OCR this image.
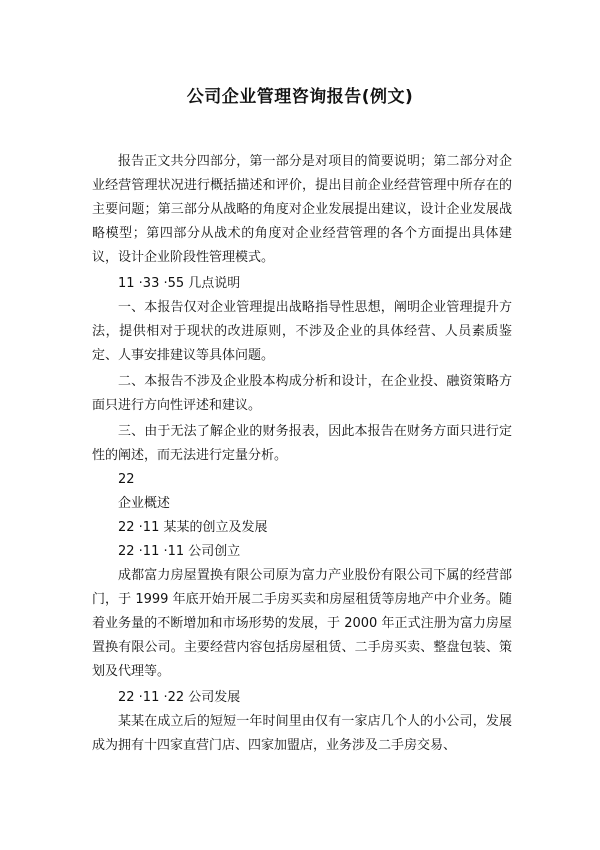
公司企业管理咨询报告(例文)
报告正文共分四部分，第一部分是对项目的简要说明；第二部分对企业经营管理状况进行概括描述和评价，提出目前企业经营管理中所存在的主要问题；第三部分从战略的角度对企业发展提出建议，设计企业发展战略模型；第四部分从战术的角度对企业经营管理的各个方面提出具体建议，设计企业阶段性管理模式。
11 ·33 ·55 几点说明
一、本报告仅对企业管理提出战略指导性思想，阐明企业管理提升方法，提供相对于现状的改进原则，不涉及企业的具体经营、人员素质鉴定、人事安排建议等具体问题。
二、本报告不涉及企业股本构成分析和设计，在企业投、融资策略方面只进行方向性评述和建议。
三、由于无法了解企业的财务报表，因此本报告在财务方面只进行定性的阐述，而无法进行定量分析。
22
企业概述
22 ·11 某某的创立及发展
22 ·11 ·11 公司创立
成都富力房屋置换有限公司原为富力产业股份有限公司下属的经营部门，于 1999 年底开始开展二手房买卖和房屋租赁等房地产中介业务。随着业务量的不断增加和市场形势的发展，于 2000 年正式注册为富力房屋置换有限公司。主要经营内容包括房屋租赁、二手房买卖、整盘包装、策划及代理等。
22 ·11 ·22 公司发展
某某在成立后的短短一年时间里由仅有一家店几个人的小公司，发展成为拥有十四家直营门店、四家加盟店，业务涉及二手房交易、
